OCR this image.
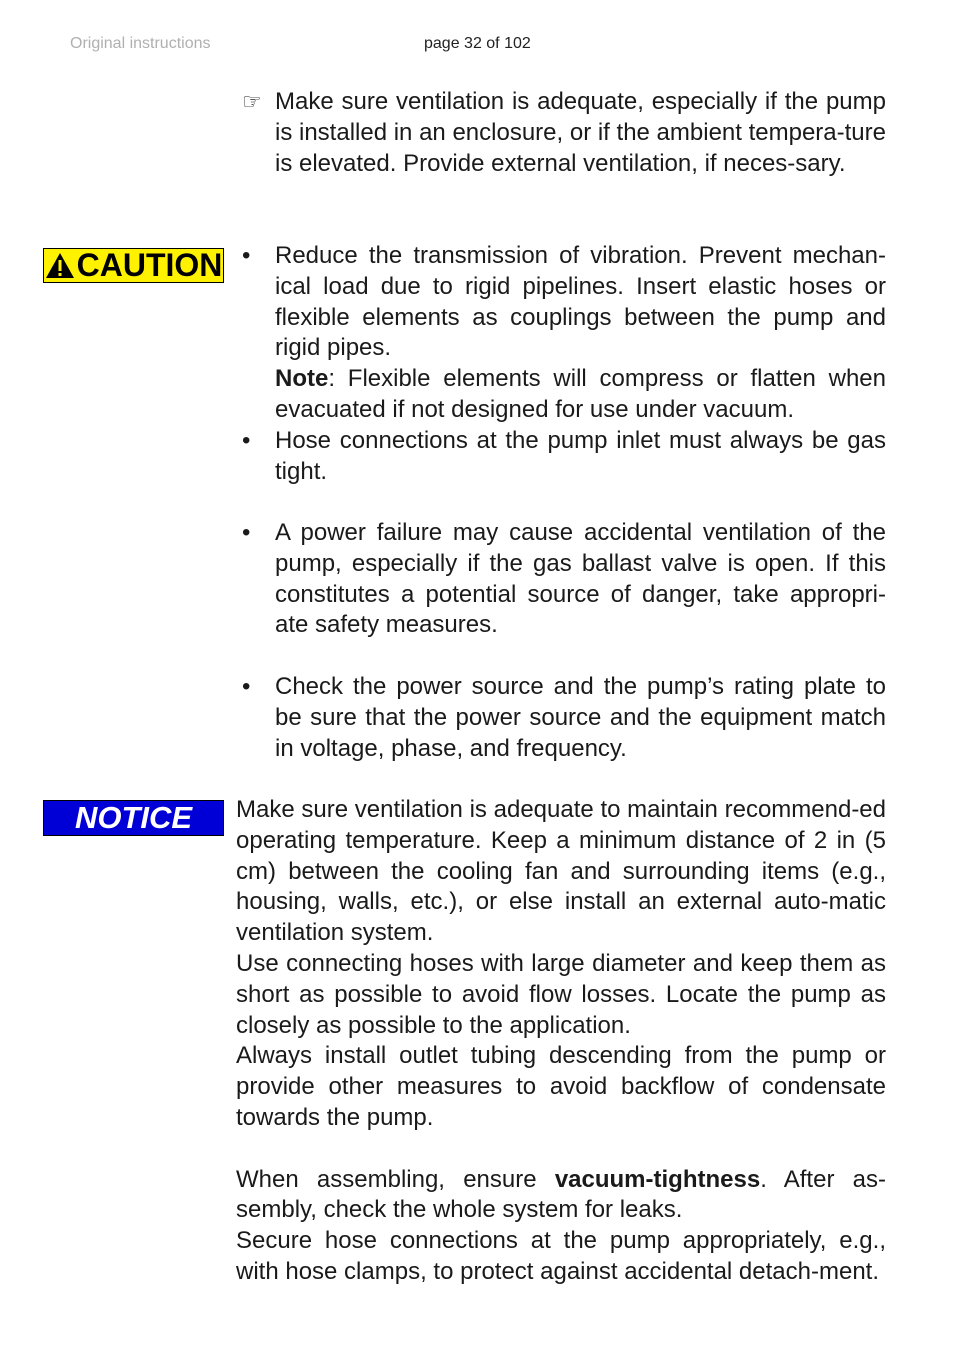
Original instructions	page 32 of 102
☞ Make sure ventilation is adequate, especially if the pump is installed in an enclosure, or if the ambient tempera-ture is elevated. Provide external ventilation, if neces-sary.
CAUTION •	Reduce the transmission of vibration. Prevent mechan-ical load due to rigid pipelines. Insert elastic hoses or flexible elements as couplings between the pump and rigid pipes.

Note: Flexible elements will compress or flatten when evacuated if not designed for use under vacuum.

•	Hose connections at the pump inlet must always be gas tight.
•	A power failure may cause accidental ventilation of the pump, especially if the gas ballast valve is open. If this constitutes a potential source of danger, take appropri-ate safety measures.
•	Check the power source and the pump’s rating plate to be sure that the power source and the equipment match in voltage, phase, and frequency.
NOTICE Make sure ventilation is adequate to maintain recommend-ed operating temperature. Keep a minimum distance of 2 in (5 cm) between the cooling fan and surrounding items (e.g., housing, walls, etc.), or else install an external auto-matic ventilation system.

Use connecting hoses with large diameter and keep them as short as possible to avoid flow losses. Locate the pump as closely as possible to the application.

Always install outlet tubing descending from the pump or provide other measures to avoid backflow of condensate towards the pump.

When assembling, ensure vacuum-tightness. After as-sembly, check the whole system for leaks.

Secure hose connections at the pump appropriately, e.g., with hose clamps, to protect against accidental detach-ment.
